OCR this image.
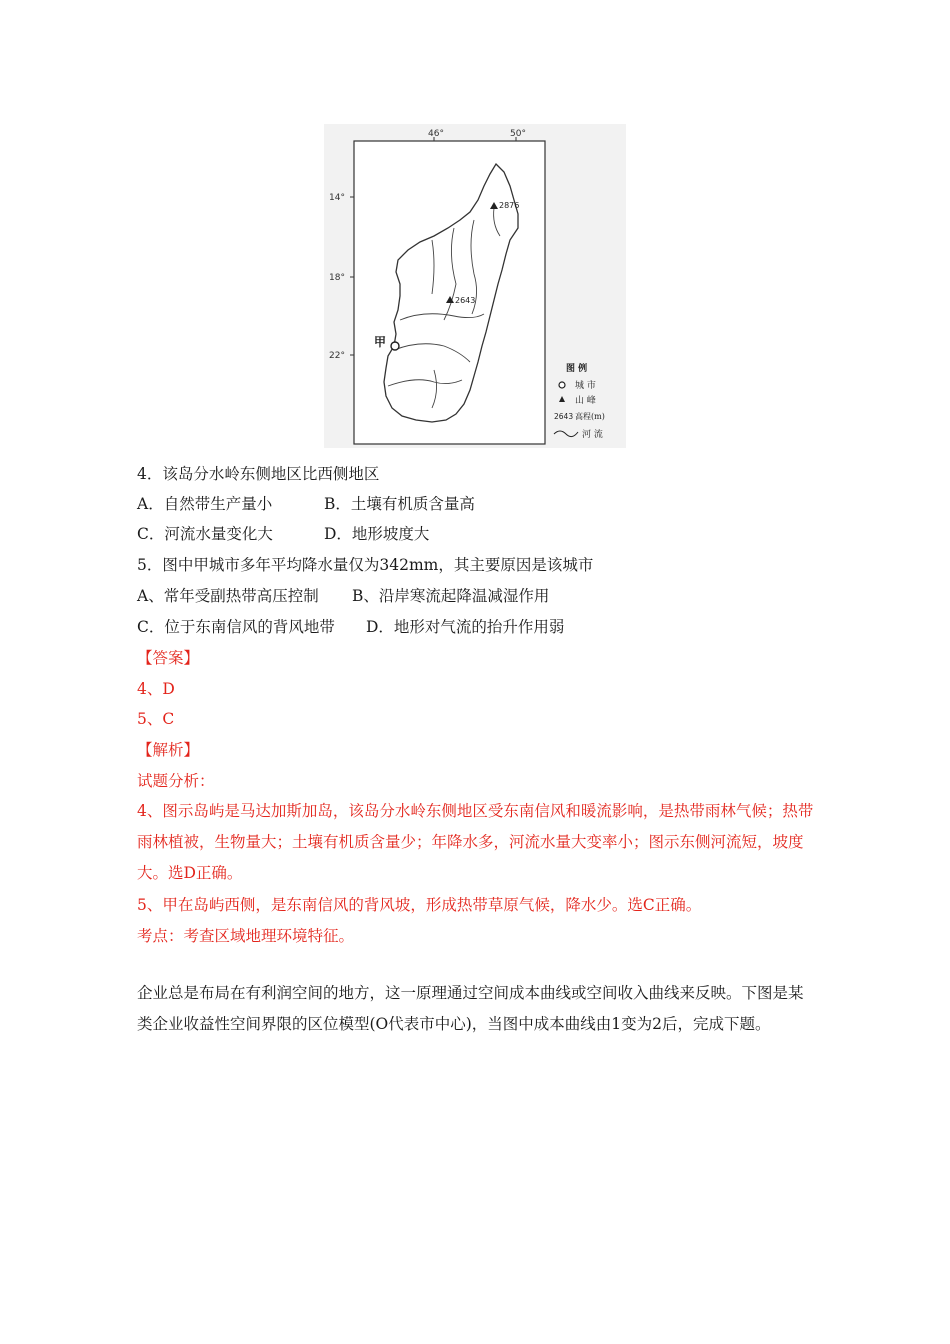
46°	50°
14°
18°
22°
2876
2643
甲
图 例
城 市
山 峰
2643 高程(m)
河 流
4．该岛分水岭东侧地区比西侧地区
A．自然带生产量小	B．土壤有机质含量高
C．河流水量变化大	D．地形坡度大
5．图中甲城市多年平均降水量仅为342mm，其主要原因是该城市
A、常年受副热带高压控制 B、沿岸寒流起降温减湿作用
C．位于东南信风的背风地带 D．地形对气流的抬升作用弱
【答案】
4、D
5、C
【解析】
试题分析：
4、图示岛屿是马达加斯加岛，该岛分水岭东侧地区受东南信风和暖流影响，是热带雨林气候；热带雨林植被，生物量大；土壤有机质含量少；年降水多，河流水量大变率小；图示东侧河流短，坡度大。选D正确。
5、甲在岛屿西侧，是东南信风的背风坡，形成热带草原气候，降水少。选C正确。
考点：考查区域地理环境特征。
企业总是布局在有利润空间的地方，这一原理通过空间成本曲线或空间收入曲线来反映。下图是某类企业收益性空间界限的区位模型(O代表市中心)，当图中成本曲线由1变为2后，完成下题。
